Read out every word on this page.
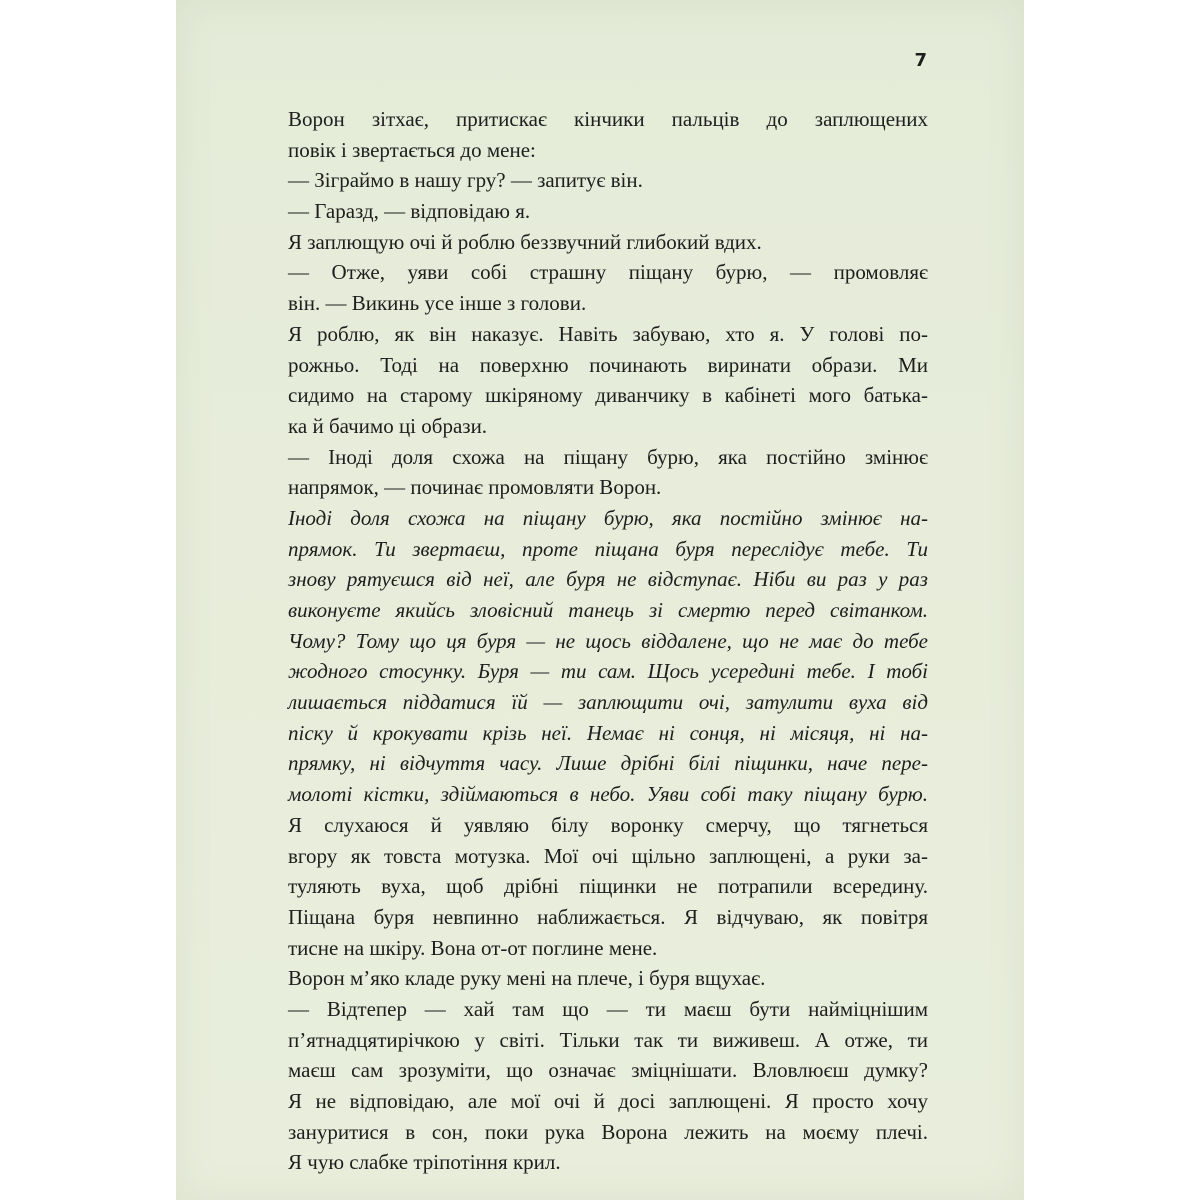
7
Ворон зітхає, притискає кінчики пальців до заплющених
повік і звертається до мене:
— Зіграймо в нашу гру? — запитує він.
— Гаразд, — відповідаю я.
Я заплющую очі й роблю беззвучний глибокий вдих.
— Отже, уяви собі страшну піщану бурю, — промовляє
він. — Викинь усе інше з голови.
Я роблю, як він наказує. Навіть забуваю, хто я. У голові по-
рожньо. Тоді на поверхню починають виринати образи. Ми
сидимо на старому шкіряному диванчику в кабінеті мого батька-
ка й бачимо ці образи.
— Іноді доля схожа на піщану бурю, яка постійно змінює
напрямок, — починає промовляти Ворон.
Іноді доля схожа на піщану бурю, яка постійно змінює на-
прямок. Ти звертаєш, проте піщана буря переслідує тебе. Ти
знову рятуєшся від неї, але буря не відступає. Ніби ви раз у раз
виконуєте якийсь зловісний танець зі смертю перед світанком.
Чому? Тому що ця буря — не щось віддалене, що не має до тебе
жодного стосунку. Буря — ти сам. Щось усередині тебе. І тобі
лишається піддатися їй — заплющити очі, затулити вуха від
піску й крокувати крізь неї. Немає ні сонця, ні місяця, ні на-
прямку, ні відчуття часу. Лише дрібні білі піщинки, наче пере-
молоті кістки, здіймаються в небо. Уяви собі таку піщану бурю.
Я слухаюся й уявляю білу воронку смерчу, що тягнеться
вгору як товста мотузка. Мої очі щільно заплющені, а руки за-
туляють вуха, щоб дрібні піщинки не потрапили всередину.
Піщана буря невпинно наближається. Я відчуваю, як повітря
тисне на шкіру. Вона от-от поглине мене.
Ворон м’яко кладе руку мені на плече, і буря вщухає.
— Відтепер — хай там що — ти маєш бути найміцнішим
п’ятнадцятирічкою у світі. Тільки так ти виживеш. А отже, ти
маєш сам зрозуміти, що означає зміцнішати. Вловлюєш думку?
Я не відповідаю, але мої очі й досі заплющені. Я просто хочу
зануритися в сон, поки рука Ворона лежить на моєму плечі.
Я чую слабке тріпотіння крил.
